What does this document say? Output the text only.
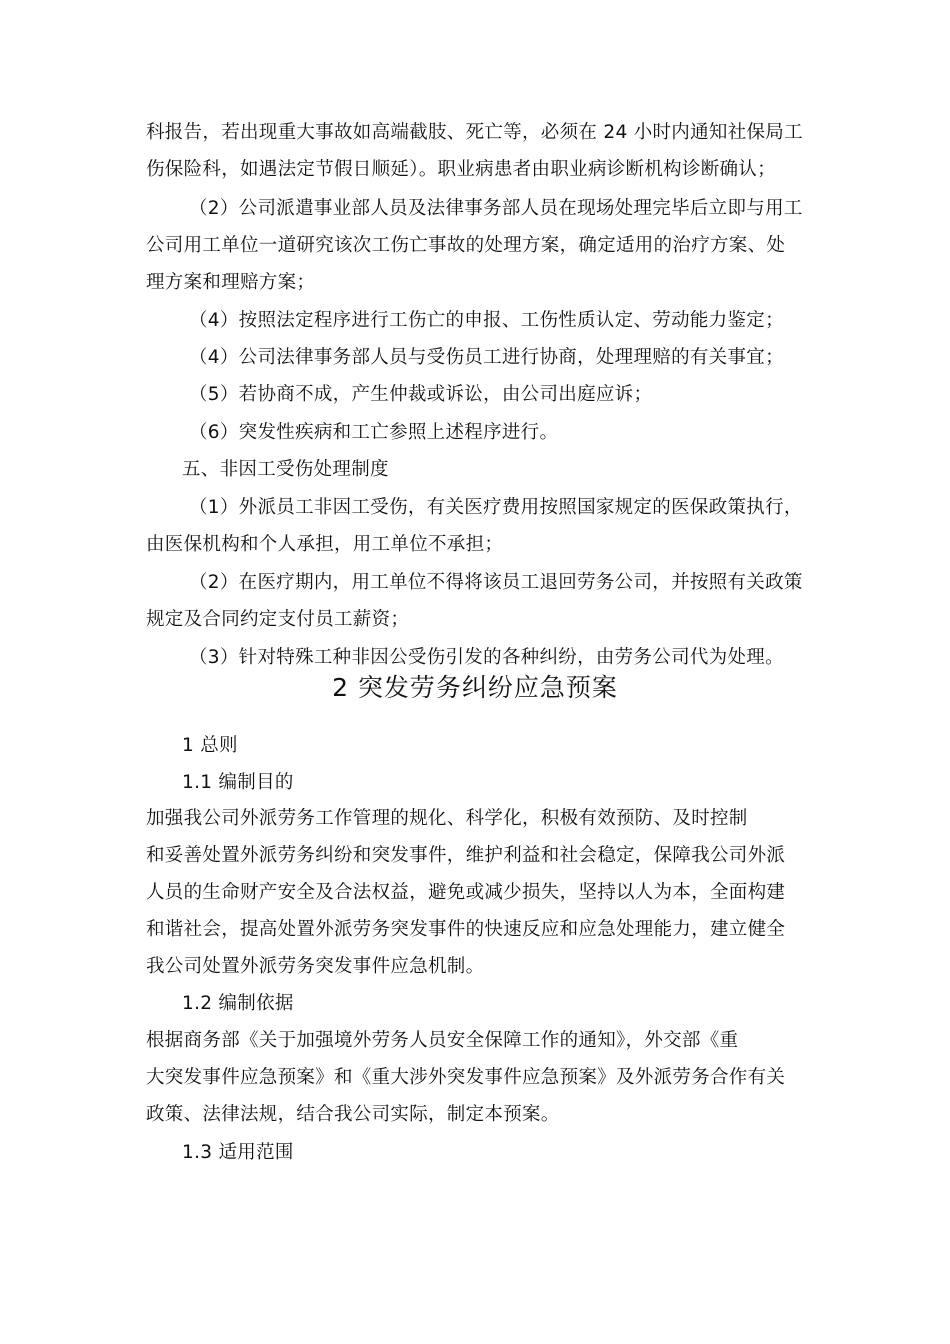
科报告，若出现重大事故如高端截肢、死亡等，必须在 24 小时内通知社保局工
伤保险科，如遇法定节假日顺延）。职业病患者由职业病诊断机构诊断确认；
（2）公司派遣事业部人员及法律事务部人员在现场处理完毕后立即与用工
公司用工单位一道研究该次工伤亡事故的处理方案，确定适用的治疗方案、处
理方案和理赔方案；
（4）按照法定程序进行工伤亡的申报、工伤性质认定、劳动能力鉴定；
（4）公司法律事务部人员与受伤员工进行协商，处理理赔的有关事宜；
（5）若协商不成，产生仲裁或诉讼，由公司出庭应诉；
（6）突发性疾病和工亡参照上述程序进行。
五、非因工受伤处理制度
（1）外派员工非因工受伤，有关医疗费用按照国家规定的医保政策执行，
由医保机构和个人承担，用工单位不承担；
（2）在医疗期内，用工单位不得将该员工退回劳务公司，并按照有关政策
规定及合同约定支付员工薪资；
（3）针对特殊工种非因公受伤引发的各种纠纷，由劳务公司代为处理。
2 突发劳务纠纷应急预案
1 总则
1.1 编制目的
加强我公司外派劳务工作管理的规化、科学化，积极有效预防、及时控制
和妥善处置外派劳务纠纷和突发事件，维护利益和社会稳定，保障我公司外派
人员的生命财产安全及合法权益，避免或减少损失，坚持以人为本，全面构建
和谐社会，提高处置外派劳务突发事件的快速反应和应急处理能力，建立健全
我公司处置外派劳务突发事件应急机制。
1.2 编制依据
根据商务部《关于加强境外劳务人员安全保障工作的通知》，外交部《重
大突发事件应急预案》和《重大涉外突发事件应急预案》及外派劳务合作有关
政策、法律法规，结合我公司实际，制定本预案。
1.3 适用范围
